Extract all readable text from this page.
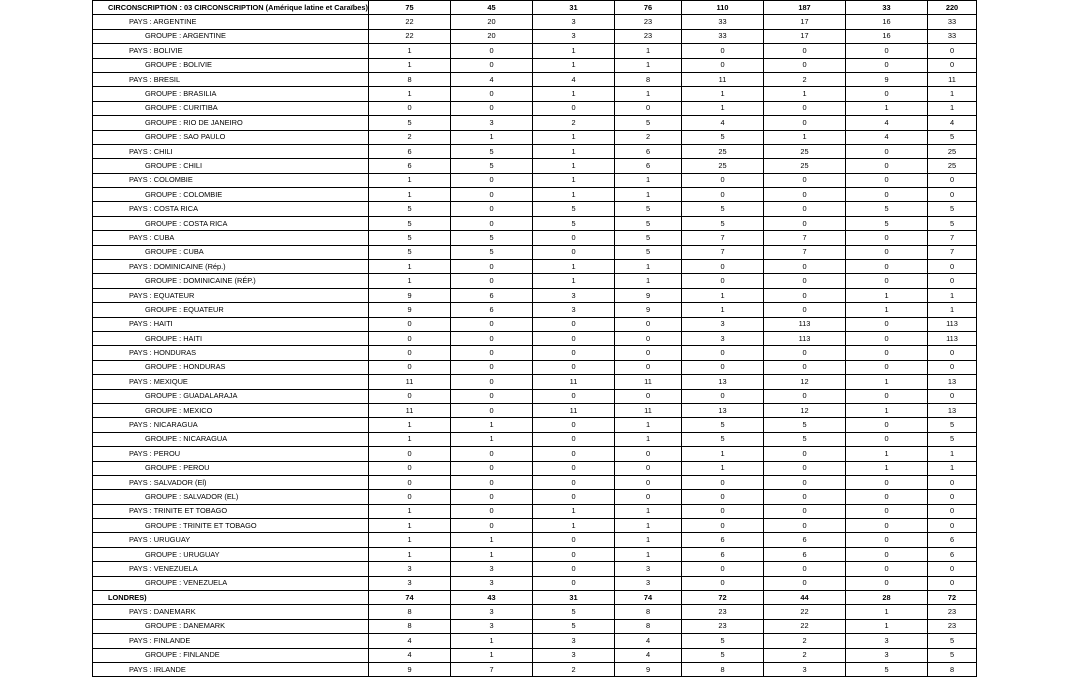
CIRCONSCRIPTION : 03 CIRCONSCRIPTION (Amérique latine et Caraïbes)	75	45	31	76	110	187	33	220
PAYS : ARGENTINE	22	20	3	23	33	17	16	33
GROUPE : ARGENTINE	22	20	3	23	33	17	16	33
PAYS : BOLIVIE	1	0	1	1	0	0	0	0
GROUPE : BOLIVIE	1	0	1	1	0	0	0	0
PAYS : BRESIL	8	4	4	8	11	2	9	11
GROUPE : BRASILIA	1	0	1	1	1	1	0	1
GROUPE : CURITIBA	0	0	0	0	1	0	1	1
GROUPE : RIO DE JANEIRO	5	3	2	5	4	0	4	4
GROUPE : SAO PAULO	2	1	1	2	5	1	4	5
PAYS : CHILI	6	5	1	6	25	25	0	25
GROUPE : CHILI	6	5	1	6	25	25	0	25
PAYS : COLOMBIE	1	0	1	1	0	0	0	0
GROUPE : COLOMBIE	1	0	1	1	0	0	0	0
PAYS : COSTA RICA	5	0	5	5	5	0	5	5
GROUPE : COSTA RICA	5	0	5	5	5	0	5	5
PAYS : CUBA	5	5	0	5	7	7	0	7
GROUPE : CUBA	5	5	0	5	7	7	0	7
PAYS : DOMINICAINE (Rép.)	1	0	1	1	0	0	0	0
GROUPE : DOMINICAINE (RÉP.)	1	0	1	1	0	0	0	0
PAYS : EQUATEUR	9	6	3	9	1	0	1	1
GROUPE : EQUATEUR	9	6	3	9	1	0	1	1
PAYS : HAITI	0	0	0	0	3	113	0	113
GROUPE : HAITI	0	0	0	0	3	113	0	113
PAYS : HONDURAS	0	0	0	0	0	0	0	0
GROUPE : HONDURAS	0	0	0	0	0	0	0	0
PAYS : MEXIQUE	11	0	11	11	13	12	1	13
GROUPE : GUADALARAJA	0	0	0	0	0	0	0	0
GROUPE : MEXICO	11	0	11	11	13	12	1	13
PAYS : NICARAGUA	1	1	0	1	5	5	0	5
GROUPE : NICARAGUA	1	1	0	1	5	5	0	5
PAYS : PEROU	0	0	0	0	1	0	1	1
GROUPE : PEROU	0	0	0	0	1	0	1	1
PAYS : SALVADOR (El)	0	0	0	0	0	0	0	0
GROUPE : SALVADOR (EL)	0	0	0	0	0	0	0	0
PAYS : TRINITE ET TOBAGO	1	0	1	1	0	0	0	0
GROUPE : TRINITE ET TOBAGO	1	0	1	1	0	0	0	0
PAYS : URUGUAY	1	1	0	1	6	6	0	6
GROUPE : URUGUAY	1	1	0	1	6	6	0	6
PAYS : VENEZUELA	3	3	0	3	0	0	0	0
GROUPE : VENEZUELA	3	3	0	3	0	0	0	0
LONDRES)	74	43	31	74	72	44	28	72
PAYS : DANEMARK	8	3	5	8	23	22	1	23
GROUPE : DANEMARK	8	3	5	8	23	22	1	23
PAYS : FINLANDE	4	1	3	4	5	2	3	5
GROUPE : FINLANDE	4	1	3	4	5	2	3	5
PAYS : IRLANDE	9	7	2	9	8	3	5	8
